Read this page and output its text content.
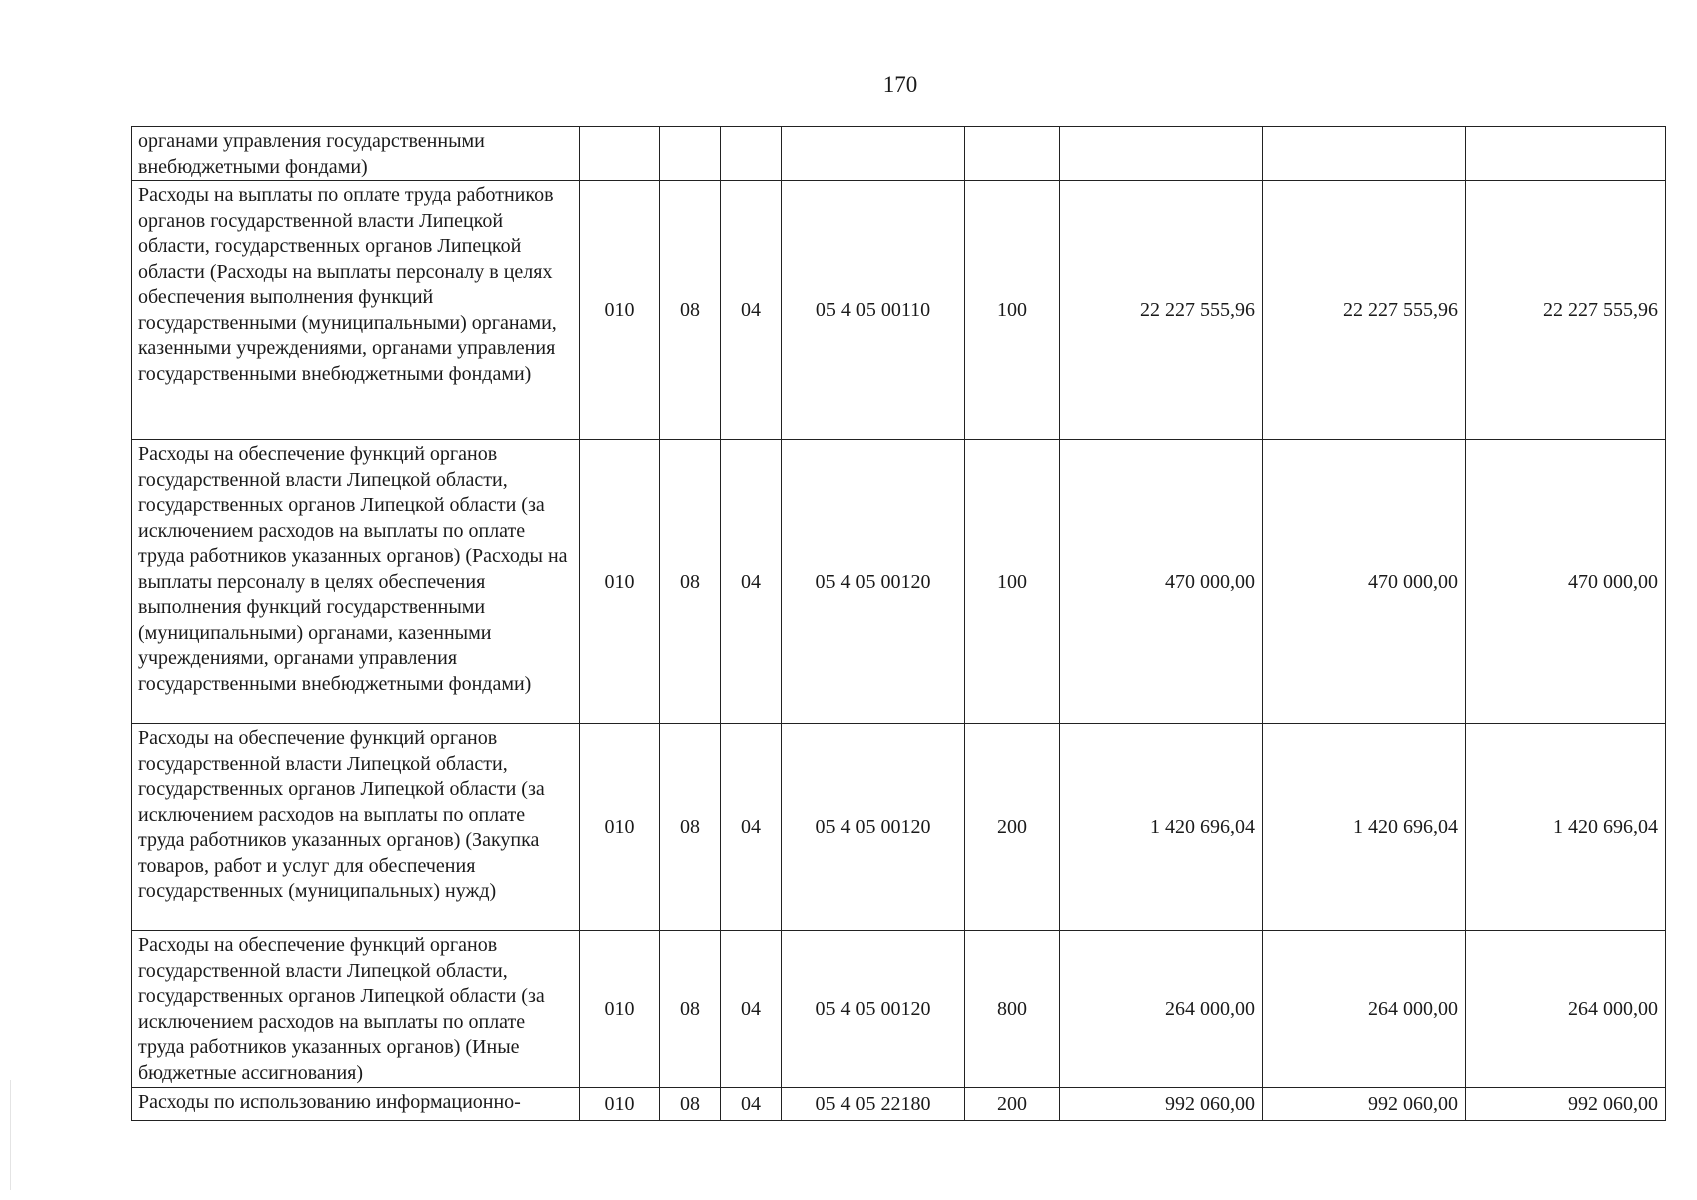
170
органами управления государственными внебюджетными фондами)								
Расходы на выплаты по оплате труда работников органов государственной власти Липецкой области, государственных органов Липецкой области (Расходы на выплаты персоналу в целях обеспечения выполнения функций государственными (муниципальными) органами, казенными учреждениями, органами управления государственными внебюджетными фондами)	010	08	04	05 4 05 00110	100	22 227 555,96	22 227 555,96	22 227 555,96
Расходы на обеспечение функций органов государственной власти Липецкой области, государственных органов Липецкой области (за исключением расходов на выплаты по оплате труда работников указанных органов) (Расходы на выплаты персоналу в целях обеспечения выполнения функций государственными (муниципальными) органами, казенными учреждениями, органами управления государственными внебюджетными фондами)	010	08	04	05 4 05 00120	100	470 000,00	470 000,00	470 000,00
Расходы на обеспечение функций органов государственной власти Липецкой области, государственных органов Липецкой области (за исключением расходов на выплаты по оплате труда работников указанных органов) (Закупка товаров, работ и услуг для обеспечения государственных (муниципальных) нужд)	010	08	04	05 4 05 00120	200	1 420 696,04	1 420 696,04	1 420 696,04
Расходы на обеспечение функций органов государственной власти Липецкой области, государственных органов Липецкой области (за исключением расходов на выплаты по оплате труда работников указанных органов) (Иные бюджетные ассигнования)	010	08	04	05 4 05 00120	800	264 000,00	264 000,00	264 000,00
Расходы по использованию информационно-	010	08	04	05 4 05 22180	200	992 060,00	992 060,00	992 060,00
